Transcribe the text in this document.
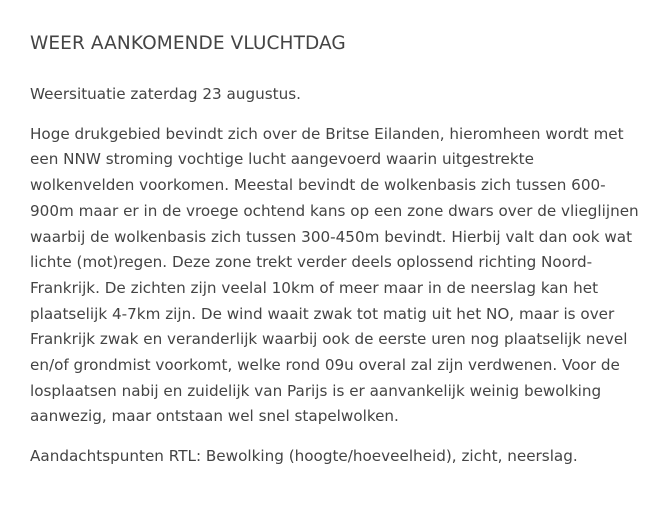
WEER AANKOMENDE VLUCHTDAG

Weersituatie zaterdag 23 augustus.

Hoge drukgebied bevindt zich over de Britse Eilanden, hieromheen wordt met een NNW stroming vochtige lucht aangevoerd waarin uitgestrekte wolkenvelden voorkomen. Meestal bevindt de wolkenbasis zich tussen 600-900m maar er in de vroege ochtend kans op een zone dwars over de vlieglijnen waarbij de wolkenbasis zich tussen 300-450m bevindt. Hierbij valt dan ook wat lichte (mot)regen. Deze zone trekt verder deels oplossend richting Noord-Frankrijk. De zichten zijn veelal 10km of meer maar in de neerslag kan het plaatselijk 4-7km zijn. De wind waait zwak tot matig uit het NO, maar is over Frankrijk zwak en veranderlijk waarbij ook de eerste uren nog plaatselijk nevel en/of grondmist voorkomt, welke rond 09u overal zal zijn verdwenen. Voor de losplaatsen nabij en zuidelijk van Parijs is er aanvankelijk weinig bewolking aanwezig, maar ontstaan wel snel stapelwolken.

Aandachtspunten RTL: Bewolking (hoogte/hoeveelheid), zicht, neerslag.
